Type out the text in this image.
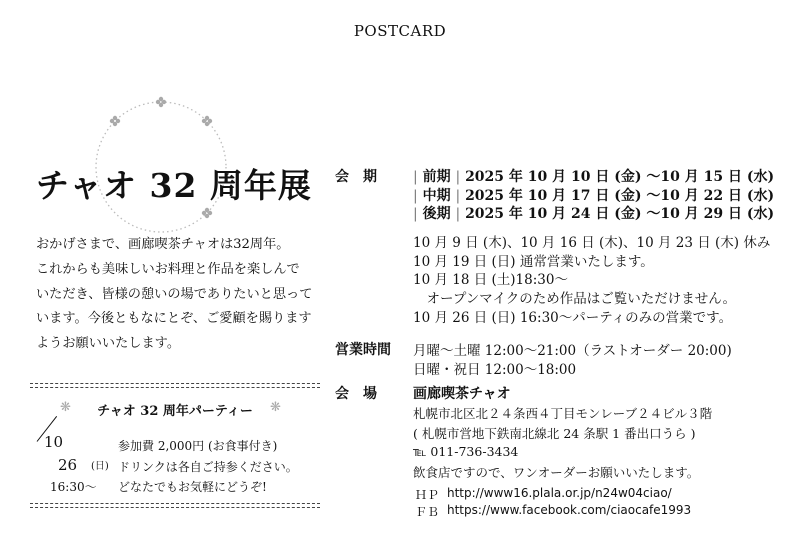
POSTCARD
チャオ 32 周年展
おかげさまで、画廊喫茶チャオは32周年。
これからも美味しいお料理と作品を楽しんで
いただき、皆様の憩いの場でありたいと思って
います。今後ともなにとぞ、ご愛顧を賜ります
ようお願いいたします。
❋	❋
チャオ 32 周年パーティー
10
26 (日)
16:30～
参加費 2,000円 (お食事付き)
ドリンクは各自ご持参ください。
どなたでもお気軽にどうぞ!
会　期	| 前期 | 2025 年 10 月 10 日 (金) ～10 月 15 日 (水)
| 中期 | 2025 年 10 月 17 日 (金) ～10 月 22 日 (水)
| 後期 | 2025 年 10 月 24 日 (金) ～10 月 29 日 (水)
10 月 9 日 (木)、10 月 16 日 (木)、10 月 23 日 (木) 休み
10 月 19 日 (日) 通常営業いたします。
10 月 18 日 (土)18:30～
　オープンマイクのため作品はご覧いただけません。
10 月 26 日 (日) 16:30～パーティのみの営業です。
営業時間 月曜～土曜 12:00～21:00（ラストオーダー 20:00)
日曜・祝日 12:00～18:00
会　場	画廊喫茶チャオ
札幌市北区北２４条西４丁目モンレーブ２４ビル３階
( 札幌市営地下鉄南北線北 24 条駅 1 番出口うら )
℡ 011-736-3434
飲食店ですので、ワンオーダーお願いいたします。
ＨＰ http://www16.plala.or.jp/n24w04ciao/
ＦＢ https://www.facebook.com/ciaocafe1993
